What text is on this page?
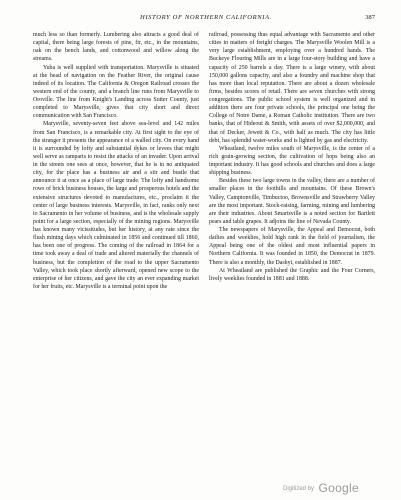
HISTORY OF NORTHERN CALIFORNIA.	387

much less so than formerly. Lumbering also attracts a good deal of capital, there being large forests of pine, fir, etc., in the mountains, oak on the bench lands, and cottonwood and willow along the streams.

Yuba is well supplied with transportation. Marysville is situated at the head of navigation on the Feather River, the original cause indeed of its location. The California & Oregon Railroad crosses the western end of the county, and a branch line runs from Marysville to Oroville. The line from Knight's Landing across Sutter County, just completed to Marysville, gives that city short and direct communication with San Francisco.

Marysville, seventy-seven feet above sea-level and 142 miles from San Francisco, is a remarkable city. At first sight to the eye of the stranger it presents the appearance of a walled city. On every hand it is surrounded by lofty and substantial dykes or levees that might well serve as ramparts to resist the attacks of an invader. Upon arrival in the streets one sees at once, however, that he is in no antiquated city, for the place has a business air and a stir and bustle that announce it at once as a place of large trade. The lofty and handsome rows of brick business houses, the large and prosperous hotels and the extensive structures devoted to manufactures, etc., proclaim it the center of large business interests. Marysville, in fact, ranks only next to Sacramento in her volume of business, and is the wholesale supply point for a large section, especially of the mining regions. Marysville has known many vicissitudes, but her history, at any rate since the flush mining days which culminated in 1856 and continued till 1860, has been one of progress. The coming of the railroad in 1864 for a time took away a deal of trade and altered materially the channels of business, but the completion of the road to the upper Sacramento Valley, which took place shortly afterward, opened new scope to the enterprise of her citizens, and gave the city an ever expanding market for her fruits, etc. Marysville is a terminal point upon the

railroad, possessing thus equal advantage with Sacramento and other cities in matters of freight charges. The Marysville Woolen Mill is a very large establishment, employing over a hundred hands. The Buckeye Flouring Mills are in a large four-story building and have a capacity of 250 barrels a day. There is a large winery, with about 150,000 gallons capacity, and also a foundry and machine shop that has more than local reputation. There are about a dozen wholesale firms, besides scores of retail. There are seven churches with strong congregations. The public school system is well organized and in addition there are four private schools, the principal one being the College of Notre Dame, a Roman Catholic institution. There are two banks, that of Hideout & Smith, with assets of over $2,000,000, and that of Decker, Jewett & Co., with half as much. The city has little debt, has splendid water-works and is lighted by gas and electricity.

Wheatland, twelve miles south of Marysville, is the center of a rich grain-growing section, the cultivation of hops being also an important industry. It has good schools and churches and does a large shipping business.

Besides these two large towns in the valley, there are a number of smaller places in the foothills and mountains. Of these Brown's Valley, Camptonville, Timbuctoo, Brownsville and Strawberry Valley are the most important. Stock-raising, farming, mining and lumbering are their industries. About Smartsville is a noted section for Bartlett pears and table grapes. It adjoins the line of Nevada County.

The newspapers of Marysville, the Appeal and Democrat, both dailies and weeklies, hold high rank in the field of journalism, the Appeal being one of the oldest and most influential papers in Northern California. It was founded in 1850, the Democrat in 1879. There is also a monthly, the Dashyt, established in 1887.

At Wheatland are published the Graphic and the Four Corners, lively weeklies founded in 1881 and 1888.

Digitized by Google
